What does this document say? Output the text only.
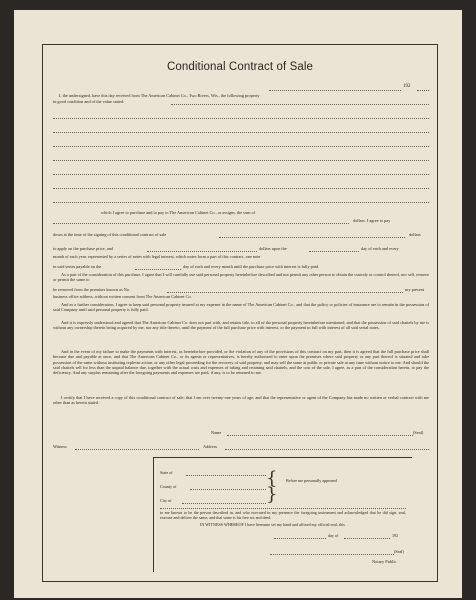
Conditional Contract of Sale
192
I, the undersigned, have this day received from The American Cabinet Co., Two Rivers, Wis., the following property
in good condition and of the value stated:
which I agree to purchase and to pay to The American Cabinet Co., or assigns, the sum of
dollars. I agree to pay
down at the time of the signing of this conditional contract of sale	dollars
to apply on the purchase price, and	dollars upon the	day of each and every
month of each year, represented by a series of notes with legal interest, which notes form a part of this contract, one note
in said series payable on the	day of each and every month until the purchase price with interest is fully paid.
As a part of the consideration of this purchase, I agree that I will carefully use said personal property hereinbefore described and not permit any other person to obtain the custody or control thereof, nor sell, remove or permit the same to
be removed from the premises known as No.	my present
business office address, without written consent from The American Cabinet Co.
And as a further consideration, I agree to keep said personal property insured at my expense in the name of The American Cabinet Co., and that the policy or policies of insurance are to remain in the possession of said Company until said personal property is fully paid.
And it is expressly understood and agreed that The American Cabinet Co. does not part with, and retains title, to all of the personal property hereinbefore mentioned, and that the possession of said chattels by me is without any ownership therein being acquired by me, nor any title thereto, until the payment of the full purchase price with interest, or the payment in full with interest of all said serial notes.
And in the event of my failure to make the payments with interest, as hereinbefore provided, or the violation of any of the provisions of this contract on my part, then it is agreed that the full purchase price shall become due and payable at once, and that The American Cabinet Co., or its agents or representatives, is hereby authorized to enter upon the premises where said property or any part thereof is situated and take possession of the same without instituting replevin action, or any other legal proceeding for the recovery of said property, and may sell the same at public or private sale at any time without notice to me. And should the said chattels sell for less than the unpaid balance due, together with the actual costs and expenses of taking and retaining said chattels, and the cost of the sale, I agree, as a part of the consideration herein, to pay the deficiency. And any surplus remaining after the foregoing payments and expenses are paid, if any, is to be returned to me.
I certify that I have received a copy of this conditional contract of sale; that I am over twenty-one years of age, and that the representative or agent of the Company has made no written or verbal contract with me other than as herein stated.
Name	(Seal)
Witness	Address
State of
County of
City of
{
}
Before me personally appeared
to me known to be the person described in, and who executed in my presence the foregoing instrument and acknowledged that he did sign, seal, execute and deliver the same, and that same is his free act and deed.
IN WITNESS WHEREOF I have hereunto set my hand and affixed my official seal, this
day of	192
(Seal)
Notary Public
